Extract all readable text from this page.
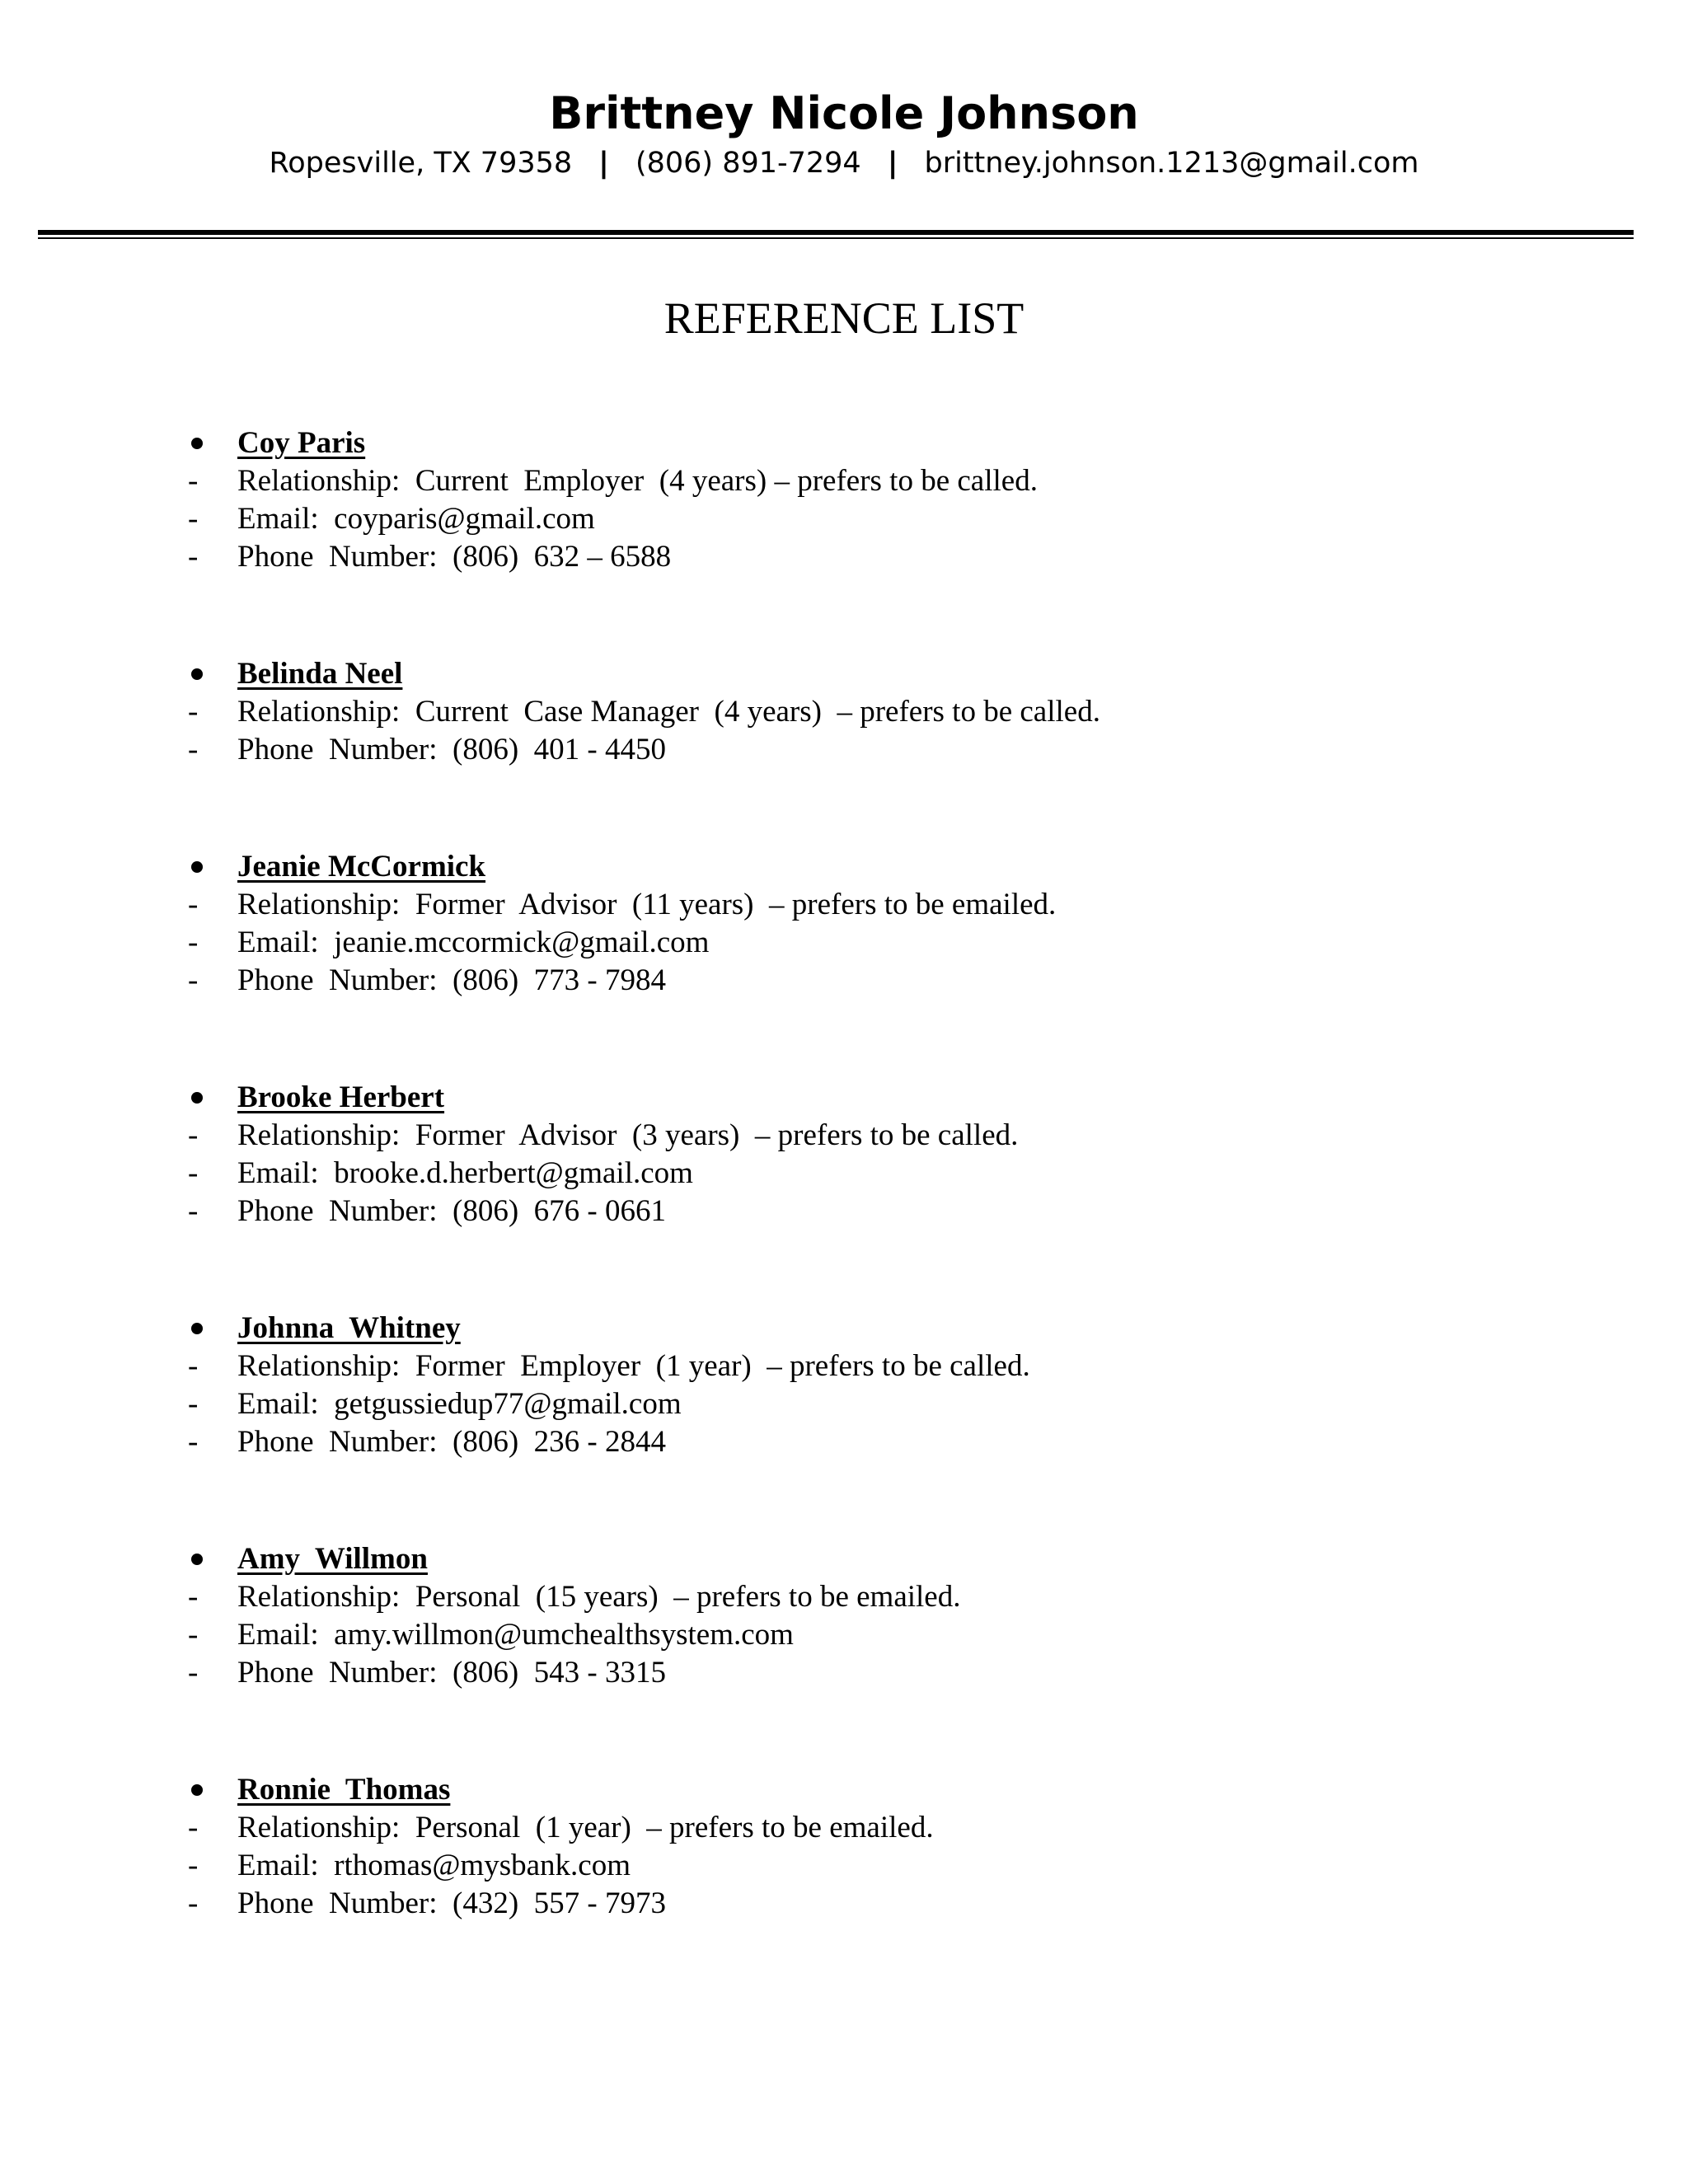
Brittney Nicole Johnson
Ropesville, TX 79358 | (806) 891-7294 | brittney.johnson.1213@gmail.com
REFERENCE LIST
Coy Paris
-	Relationship:  Current  Employer  (4 years) – prefers to be called.
-	Email:  coyparis@gmail.com
-	Phone  Number:  (806)  632 – 6588
Belinda Neel
-	Relationship:  Current  Case Manager  (4 years)  – prefers to be called.
-	Phone  Number:  (806)  401 - 4450
Jeanie McCormick
-	Relationship:  Former  Advisor  (11 years)  – prefers to be emailed.
-	Email:  jeanie.mccormick@gmail.com
-	Phone  Number:  (806)  773 - 7984
Brooke Herbert
-	Relationship:  Former  Advisor  (3 years)  – prefers to be called.
-	Email:  brooke.d.herbert@gmail.com
-	Phone  Number:  (806)  676 - 0661
Johnna  Whitney
-	Relationship:  Former  Employer  (1 year)  – prefers to be called.
-	Email:  getgussiedup77@gmail.com
-	Phone  Number:  (806)  236 - 2844
Amy  Willmon
-	Relationship:  Personal  (15 years)  – prefers to be emailed.
-	Email:  amy.willmon@umchealthsystem.com
-	Phone  Number:  (806)  543 - 3315
Ronnie  Thomas
-	Relationship:  Personal  (1 year)  – prefers to be emailed.
-	Email:  rthomas@mysbank.com
-	Phone  Number:  (432)  557 - 7973
